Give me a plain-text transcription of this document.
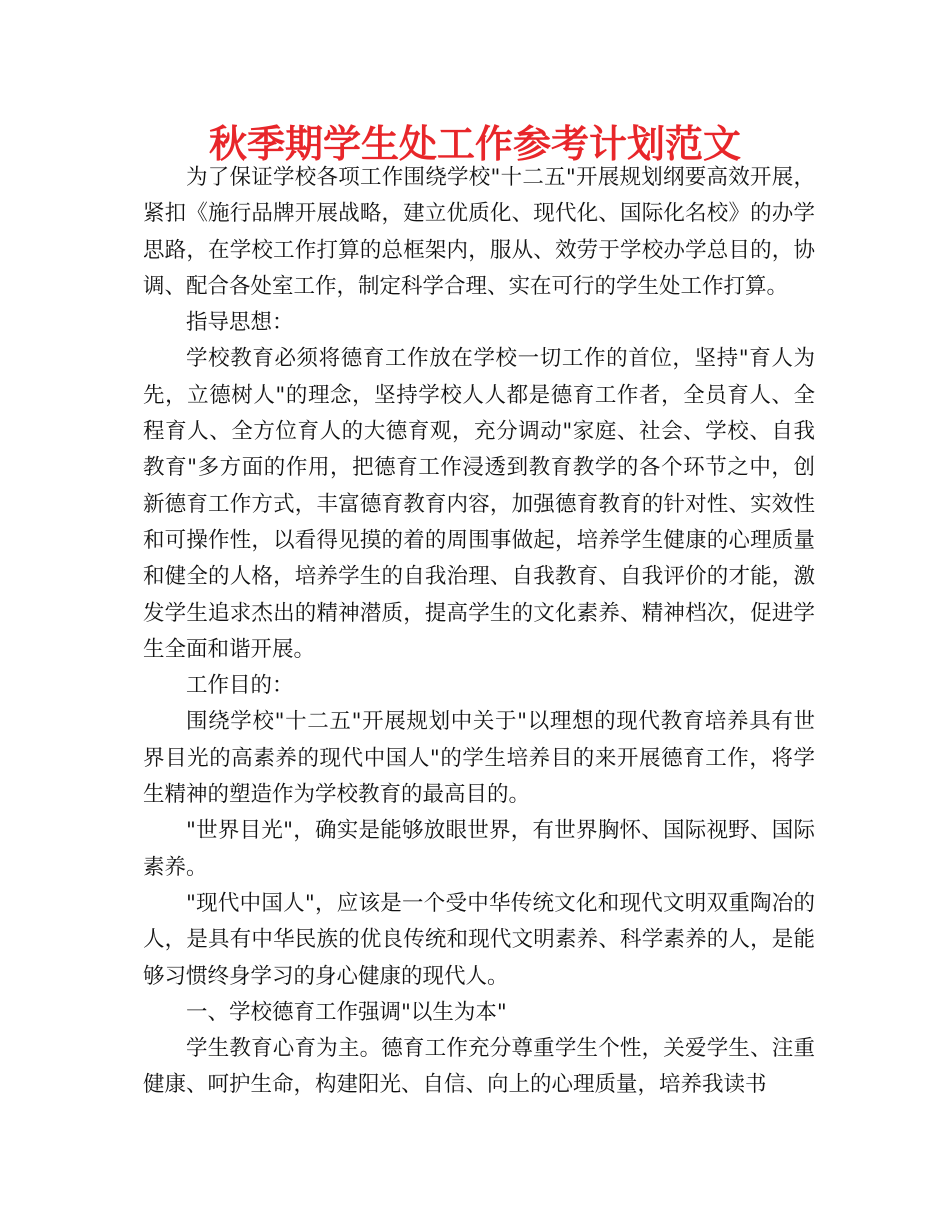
秋季期学生处工作参考计划范文

为了保证学校各项工作围绕学校"十二五"开展规划纲要高效开展，紧扣《施行品牌开展战略，建立优质化、现代化、国际化名校》的办学思路，在学校工作打算的总框架内，服从、效劳于学校办学总目的，协调、配合各处室工作，制定科学合理、实在可行的学生处工作打算。

指导思想：

学校教育必须将德育工作放在学校一切工作的首位，坚持"育人为先，立德树人"的理念，坚持学校人人都是德育工作者，全员育人、全程育人、全方位育人的大德育观，充分调动"家庭、社会、学校、自我教育"多方面的作用，把德育工作浸透到教育教学的各个环节之中，创新德育工作方式，丰富德育教育内容，加强德育教育的针对性、实效性和可操作性，以看得见摸的着的周围事做起，培养学生健康的心理质量和健全的人格，培养学生的自我治理、自我教育、自我评价的才能，激发学生追求杰出的精神潜质，提高学生的文化素养、精神档次，促进学生全面和谐开展。

工作目的：

围绕学校"十二五"开展规划中关于"以理想的现代教育培养具有世界目光的高素养的现代中国人"的学生培养目的来开展德育工作，将学生精神的塑造作为学校教育的最高目的。

"世界目光"，确实是能够放眼世界，有世界胸怀、国际视野、国际素养。

"现代中国人"，应该是一个受中华传统文化和现代文明双重陶冶的人，是具有中华民族的优良传统和现代文明素养、科学素养的人，是能够习惯终身学习的身心健康的现代人。

一、学校德育工作强调"以生为本"

学生教育心育为主。德育工作充分尊重学生个性，关爱学生、注重健康、呵护生命，构建阳光、自信、向上的心理质量，培养我读书
